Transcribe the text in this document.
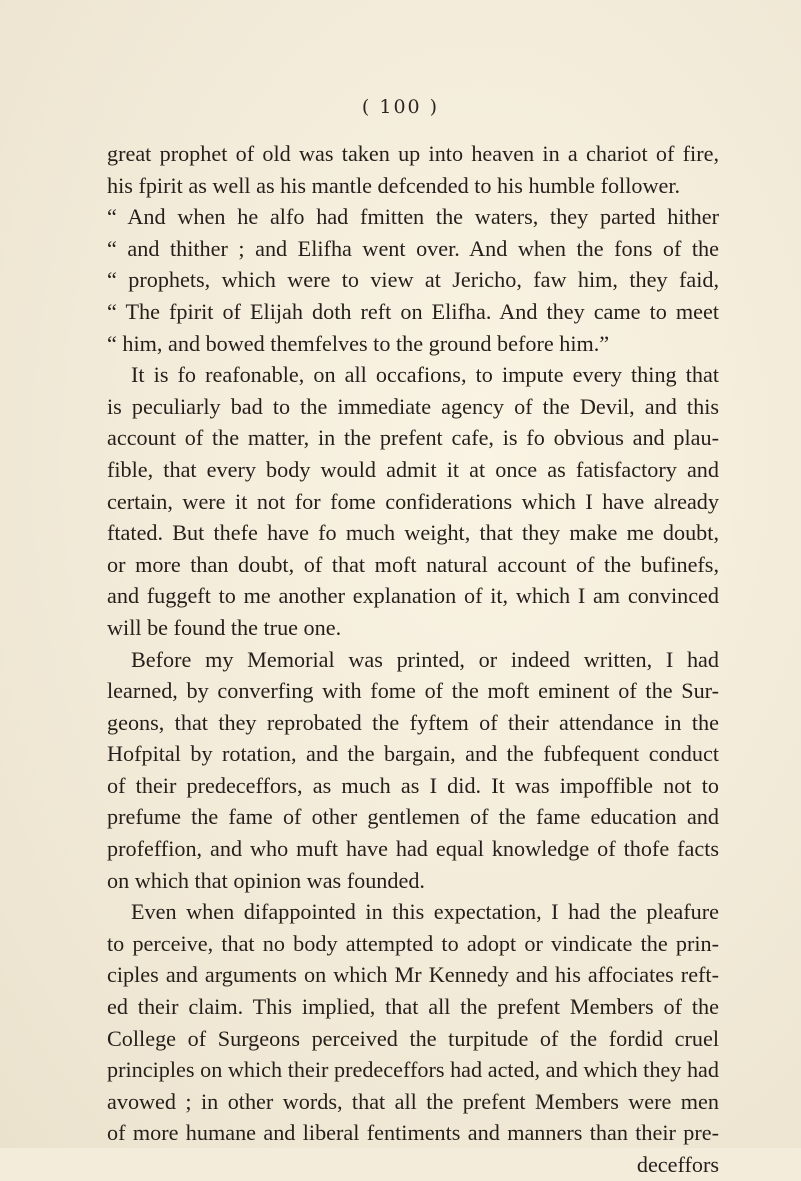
( 100 )
great prophet of old was taken up into heaven in a chariot of fire,
his fpirit as well as his mantle defcended to his humble follower.
“ And when he alfo had fmitten the waters, they parted hither
“ and thither ; and Elifha went over. And when the fons of the
“ prophets, which were to view at Jericho, faw him, they faid,
“ The fpirit of Elijah doth reft on Elifha. And they came to meet
“ him, and bowed themfelves to the ground before him.”
It is fo reafonable, on all occafions, to impute every thing that
is peculiarly bad to the immediate agency of the Devil, and this
account of the matter, in the prefent cafe, is fo obvious and plau-
fible, that every body would admit it at once as fatisfactory and
certain, were it not for fome confiderations which I have already
ftated. But thefe have fo much weight, that they make me doubt,
or more than doubt, of that moft natural account of the bufinefs,
and fuggeft to me another explanation of it, which I am convinced
will be found the true one.
Before my Memorial was printed, or indeed written, I had
learned, by converfing with fome of the moft eminent of the Sur-
geons, that they reprobated the fyftem of their attendance in the
Hofpital by rotation, and the bargain, and the fubfequent conduct
of their predeceffors, as much as I did. It was impoffible not to
prefume the fame of other gentlemen of the fame education and
profeffion, and who muft have had equal knowledge of thofe facts
on which that opinion was founded.
Even when difappointed in this expectation, I had the pleafure
to perceive, that no body attempted to adopt or vindicate the prin-
ciples and arguments on which Mr Kennedy and his affociates reft-
ed their claim. This implied, that all the prefent Members of the
College of Surgeons perceived the turpitude of the fordid cruel
principles on which their predeceffors had acted, and which they had
avowed ; in other words, that all the prefent Members were men
of more humane and liberal fentiments and manners than their pre-
deceffors
